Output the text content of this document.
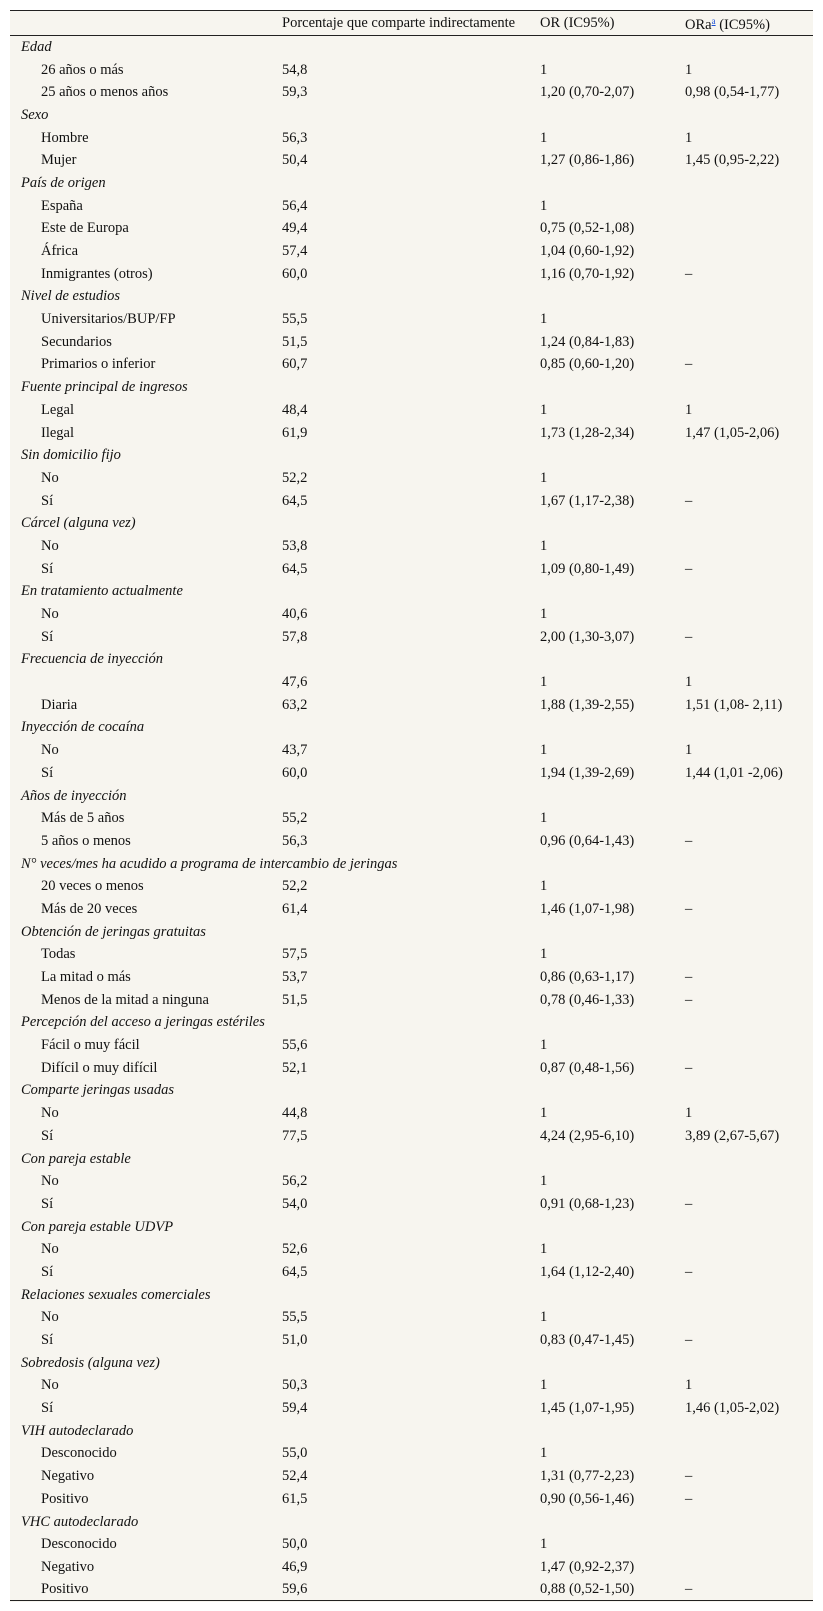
	Porcentaje que comparte indirectamente	OR (IC95%)	ORa$^a$ (IC95%)
Edad			
26 años o más	54,8	1	1
25 años o menos años	59,3	1,20 (0,70-2,07)	0,98 (0,54-1,77)
Sexo			
Hombre	56,3	1	1
Mujer	50,4	1,27 (0,86-1,86)	1,45 (0,95-2,22)
País de origen			
España	56,4	1	
Este de Europa	49,4	0,75 (0,52-1,08)	
África	57,4	1,04 (0,60-1,92)	
Inmigrantes (otros)	60,0	1,16 (0,70-1,92)	–
Nivel de estudios			
Universitarios/BUP/FP	55,5	1	
Secundarios	51,5	1,24 (0,84-1,83)	
Primarios o inferior	60,7	0,85 (0,60-1,20)	–
Fuente principal de ingresos			
Legal	48,4	1	1
Ilegal	61,9	1,73 (1,28-2,34)	1,47 (1,05-2,06)
Sin domicilio fijo			
No	52,2	1	
Sí	64,5	1,67 (1,17-2,38)	–
Cárcel (alguna vez)			
No	53,8	1	
Sí	64,5	1,09 (0,80-1,49)	–
En tratamiento actualmente			
No	40,6	1	
Sí	57,8	2,00 (1,30-3,07)	–
Frecuencia de inyección			
	47,6	1	1
Diaria	63,2	1,88 (1,39-2,55)	1,51 (1,08- 2,11)
Inyección de cocaína			
No	43,7	1	1
Sí	60,0	1,94 (1,39-2,69)	1,44 (1,01 -2,06)
Años de inyección			
Más de 5 años	55,2	1	
5 años o menos	56,3	0,96 (0,64-1,43)	–
N° veces/mes ha acudido a programa de intercambio de jeringas			
20 veces o menos	52,2	1	
Más de 20 veces	61,4	1,46 (1,07-1,98)	–
Obtención de jeringas gratuitas			
Todas	57,5	1	
La mitad o más	53,7	0,86 (0,63-1,17)	–
Menos de la mitad a ninguna	51,5	0,78 (0,46-1,33)	–
Percepción del acceso a jeringas estériles			
Fácil o muy fácil	55,6	1	
Difícil o muy difícil	52,1	0,87 (0,48-1,56)	–
Comparte jeringas usadas			
No	44,8	1	1
Sí	77,5	4,24 (2,95-6,10)	3,89 (2,67-5,67)
Con pareja estable			
No	56,2	1	
Sí	54,0	0,91 (0,68-1,23)	–
Con pareja estable UDVP			
No	52,6	1	
Sí	64,5	1,64 (1,12-2,40)	–
Relaciones sexuales comerciales			
No	55,5	1	
Sí	51,0	0,83 (0,47-1,45)	–
Sobredosis (alguna vez)			
No	50,3	1	1
Sí	59,4	1,45 (1,07-1,95)	1,46 (1,05-2,02)
VIH autodeclarado			
Desconocido	55,0	1	
Negativo	52,4	1,31 (0,77-2,23)	–
Positivo	61,5	0,90 (0,56-1,46)	–
VHC autodeclarado			
Desconocido	50,0	1	
Negativo	46,9	1,47 (0,92-2,37)	
Positivo	59,6	0,88 (0,52-1,50)	–
